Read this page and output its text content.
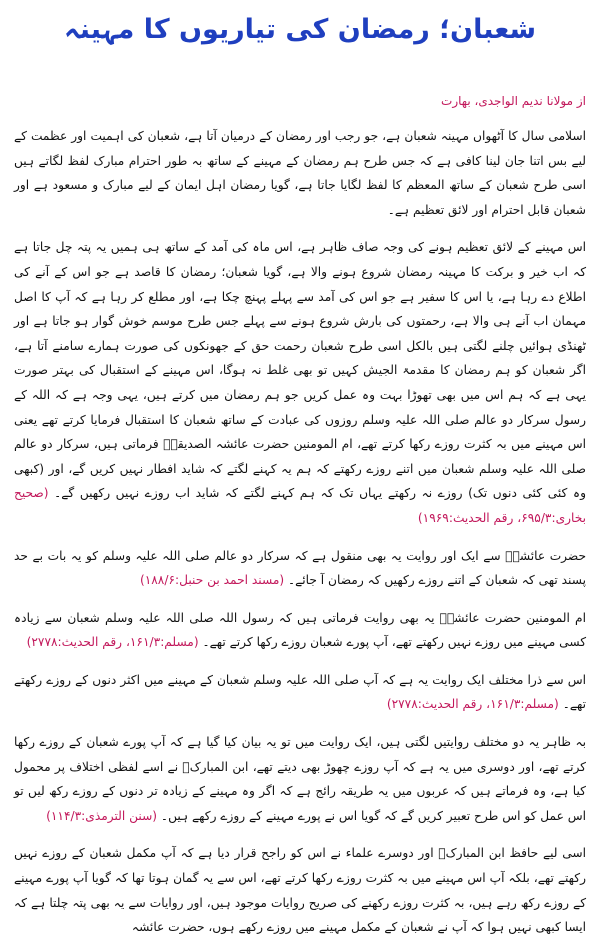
شعبان؛ رمضان کی تیاریوں کا مہینہ
از مولانا ندیم الواجدی، بھارت

اسلامی سال کا آٹھواں مہینہ شعبان ہے، جو رجب اور رمضان کے درمیان آتا ہے، شعبان کی اہمیت اور عظمت کے لیے بس اتنا جان لینا کافی ہے کہ جس طرح ہم رمضان کے مہینے کے ساتھ بہ طور احترام مبارک لفظ لگاتے ہیں اسی طرح شعبان کے ساتھ المعظم کا لفظ لگایا جاتا ہے، گویا رمضان اہل ایمان کے لیے مبارک و مسعود ہے اور شعبان قابل احترام اور لائق تعظیم ہے۔

اس مہینے کے لائق تعظیم ہونے کی وجہ صاف ظاہر ہے، اس ماہ کی آمد کے ساتھ ہی ہمیں یہ پتہ چل جاتا ہے کہ اب خیر و برکت کا مہینہ رمضان شروع ہونے والا ہے، گویا شعبان؛ رمضان کا قاصد ہے جو اس کے آنے کی اطلاع دے رہا ہے، یا اس کا سفیر ہے جو اس کی آمد سے پہلے پہنچ چکا ہے، اور مطلع کر رہا ہے کہ آپ کا اصل مہمان اب آنے ہی والا ہے، رحمتوں کی بارش شروع ہونے سے پہلے جس طرح موسم خوش گوار ہو جاتا ہے اور ٹھنڈی ہوائیں چلنے لگتی ہیں بالکل اسی طرح شعبان رحمت حق کے جھونکوں کی صورت ہمارے سامنے آتا ہے، اگر شعبان کو ہم رمضان کا مقدمۃ الجیش کہیں تو بھی غلط نہ ہوگا، اس مہینے کے استقبال کی بہتر صورت یہی ہے کہ ہم اس میں بھی تھوڑا بہت وہ عمل کریں جو ہم رمضان میں کرتے ہیں، یہی وجہ ہے کہ اللہ کے رسول سرکار دو عالم صلی اللہ علیہ وسلم روزوں کی عبادت کے ساتھ شعبان کا استقبال فرمایا کرتے تھے یعنی اس مہینے میں بہ کثرت روزے رکھا کرتے تھے، ام المومنین حضرت عائشہ الصدیقہؓ فرماتی ہیں، سرکار دو عالم صلی اللہ علیہ وسلم شعبان میں اتنے روزے رکھتے کہ ہم یہ کہنے لگتے کہ شاید افطار نہیں کریں گے، اور (کبھی وہ کئی کئی دنوں تک) روزے نہ رکھتے یہاں تک کہ ہم کہنے لگتے کہ شاید اب روزے نہیں رکھیں گے۔ (صحیح بخاری:۶۹۵/۳، رقم الحدیث:۱۹۶۹)

حضرت عائشہؓ سے ایک اور روایت یہ بھی منقول ہے کہ سرکار دو عالم صلی اللہ علیہ وسلم کو یہ بات بے حد پسند تھی کہ شعبان کے اتنے روزے رکھیں کہ رمضان آ جائے۔ (مسند احمد بن حنبل:۱۸۸/۶)

ام المومنین حضرت عائشہؓ یہ بھی روایت فرماتی ہیں کہ رسول اللہ صلی اللہ علیہ وسلم شعبان سے زیادہ کسی مہینے میں روزے نہیں رکھتے تھے، آپ پورے شعبان روزے رکھا کرتے تھے۔ (مسلم:۱۶۱/۳، رقم الحدیث:۲۷۷۸)

اس سے ذرا مختلف ایک روایت یہ ہے کہ آپ صلی اللہ علیہ وسلم شعبان کے مہینے میں اکثر دنوں کے روزے رکھتے تھے۔ (مسلم:۱۶۱/۳، رقم الحدیث:۲۷۷۸)

بہ ظاہر یہ دو مختلف روایتیں لگتی ہیں، ایک روایت میں تو یہ بیان کیا گیا ہے کہ آپ پورے شعبان کے روزے رکھا کرتے تھے، اور دوسری میں یہ ہے کہ آپ روزے چھوڑ بھی دیتے تھے، ابن المبارکؒ نے اسے لفظی اختلاف پر محمول کیا ہے، وہ فرماتے ہیں کہ عربوں میں یہ طریقہ رائج ہے کہ اگر وہ مہینے کے زیادہ تر دنوں کے روزے رکھ لیں تو اس عمل کو اس طرح تعبیر کریں گے کہ گویا اس نے پورے مہینے کے روزے رکھے ہیں۔ (سنن الترمذی:۱۱۴/۳)

اسی لیے حافظ ابن المبارکؒ اور دوسرے علماء نے اس کو راجح قرار دیا ہے کہ آپ مکمل شعبان کے روزے نہیں رکھتے تھے، بلکہ آپ اس مہینے میں بہ کثرت روزے رکھا کرتے تھے، اس سے یہ گمان ہوتا تھا کہ گویا آپ پورے مہینے کے روزے رکھ رہے ہیں، بہ کثرت روزے رکھنے کی صریح روایات موجود ہیں، اور روایات سے یہ بھی پتہ چلتا ہے کہ ایسا کبھی نہیں ہوا کہ آپ نے شعبان کے مکمل مہینے میں روزے رکھے ہوں، حضرت عائشہ
